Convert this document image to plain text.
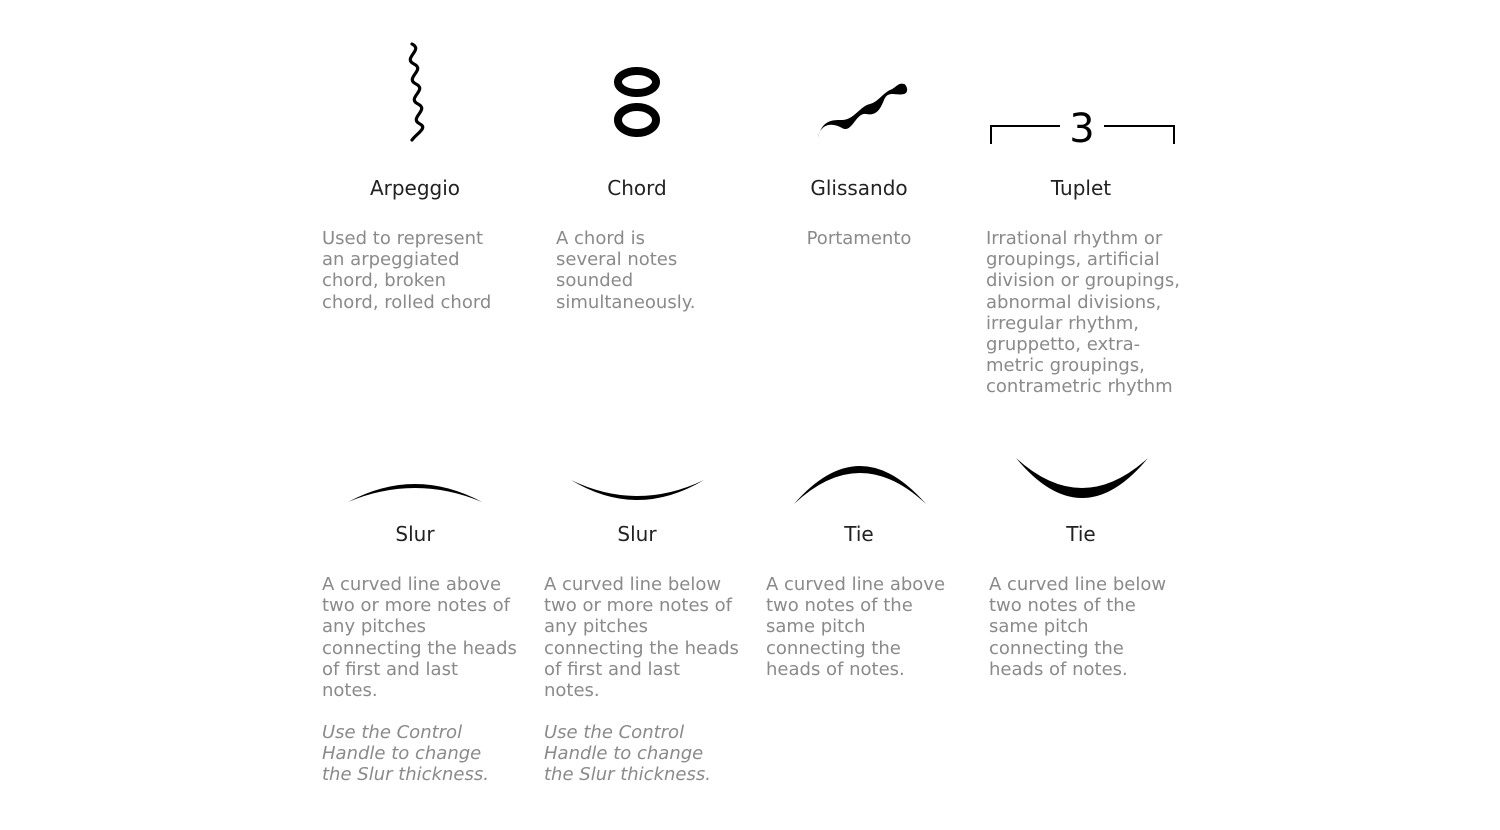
Arpeggio

Used to represent an arpeggiated chord, broken chord, rolled chord

Chord

A chord is several notes sounded simultaneously.

Glissando

Portamento

3
Tuplet

Irrational rhythm or groupings, artificial division or groupings, abnormal divisions, irregular rhythm, gruppetto, extra-metric groupings, contrametric rhythm

Slur

A curved line above two or more notes of any pitches connecting the heads of first and last notes.

Use the Control Handle to change the Slur thickness.

Slur

A curved line below two or more notes of any pitches connecting the heads of first and last notes.

Use the Control Handle to change the Slur thickness.

Tie

A curved line above two notes of the same pitch connecting the heads of notes.

Tie

A curved line below two notes of the same pitch connecting the heads of notes.
